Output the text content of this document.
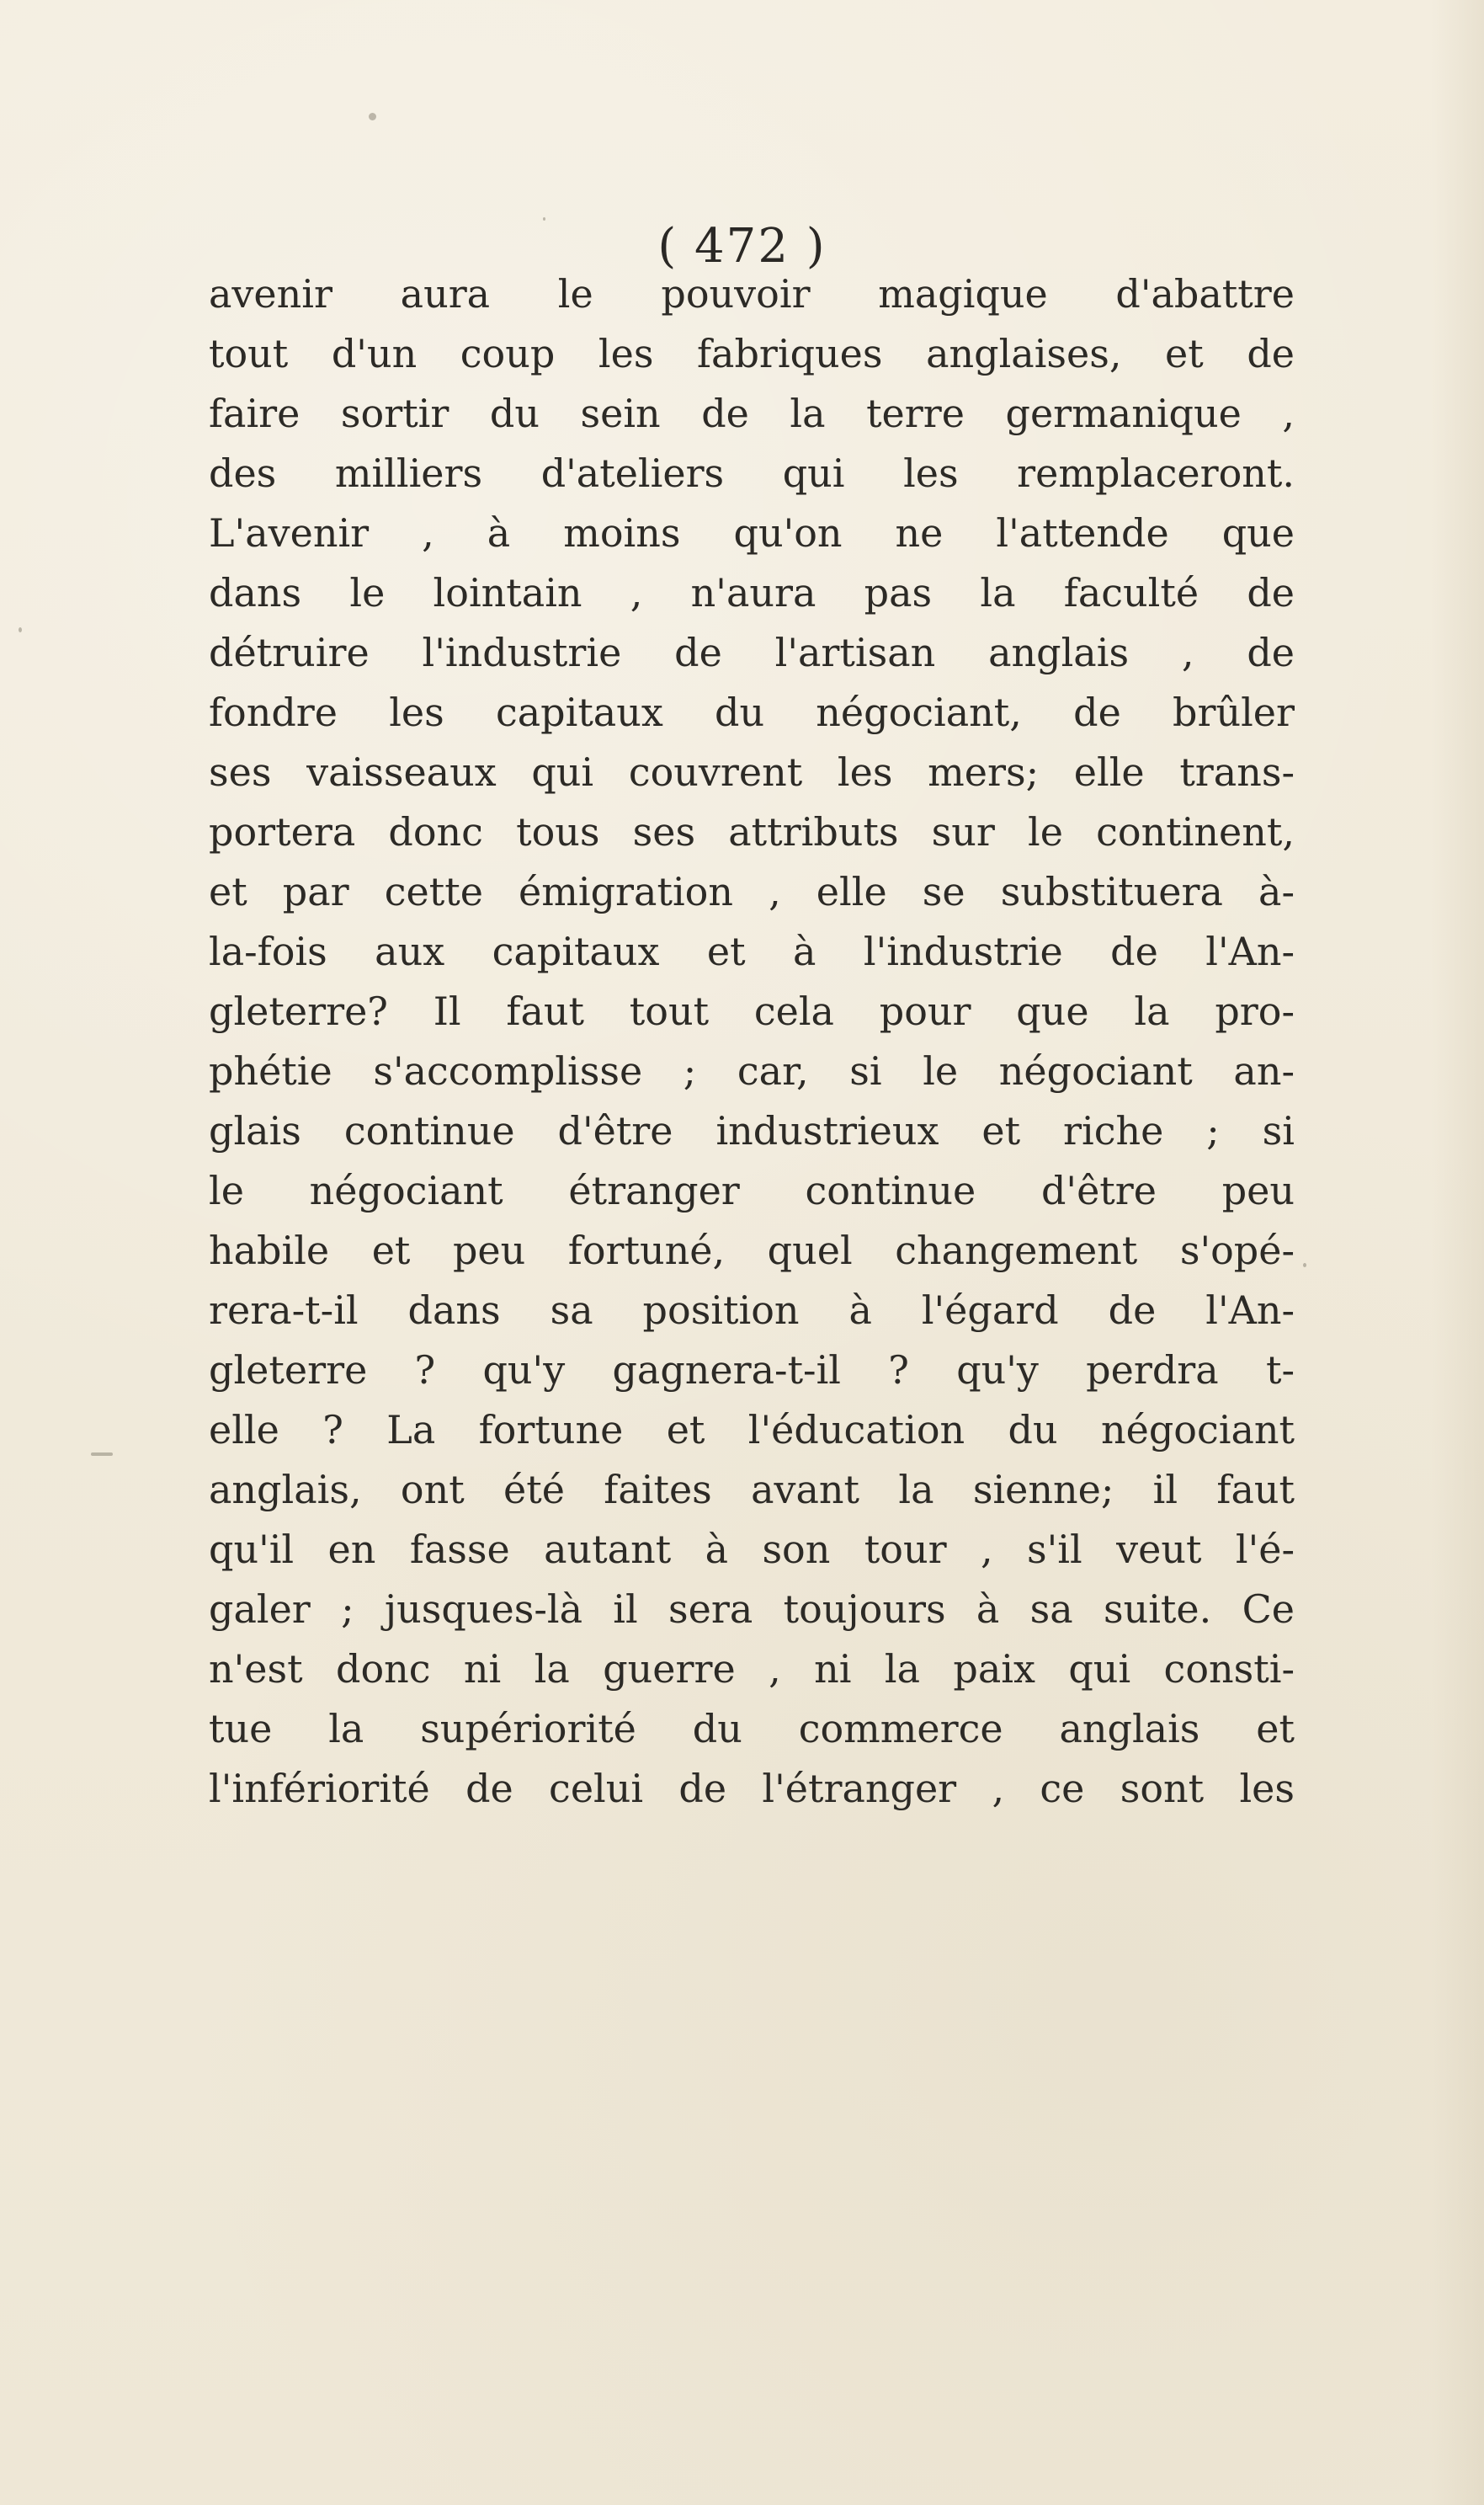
( 472 )
avenir aura le pouvoir magique d'abattre
tout d'un coup les fabriques anglaises, et de
faire sortir du sein de la terre germanique ,
des milliers d'ateliers qui les remplaceront.
L'avenir , à moins qu'on ne l'attende que
dans le lointain , n'aura pas la faculté de
détruire l'industrie de l'artisan anglais , de
fondre les capitaux du négociant, de brûler
ses vaisseaux qui couvrent les mers; elle trans-
portera donc tous ses attributs sur le continent,
et par cette émigration , elle se substituera à-
la-fois aux capitaux et à l'industrie de l'An-
gleterre? Il faut tout cela pour que la pro-
phétie s'accomplisse ; car, si le négociant an-
glais continue d'être industrieux et riche ; si
le négociant étranger continue d'être peu
habile et peu fortuné, quel changement s'opé-
rera-t-il dans sa position à l'égard de l'An-
gleterre ? qu'y gagnera-t-il ? qu'y perdra t-
elle ? La fortune et l'éducation du négociant
anglais, ont été faites avant la sienne; il faut
qu'il en fasse autant à son tour , s'il veut l'é-
galer ; jusques-là il sera toujours à sa suite. Ce
n'est donc ni la guerre , ni la paix qui consti-
tue la supériorité du commerce anglais et
l'infériorité de celui de l'étranger , ce sont les
